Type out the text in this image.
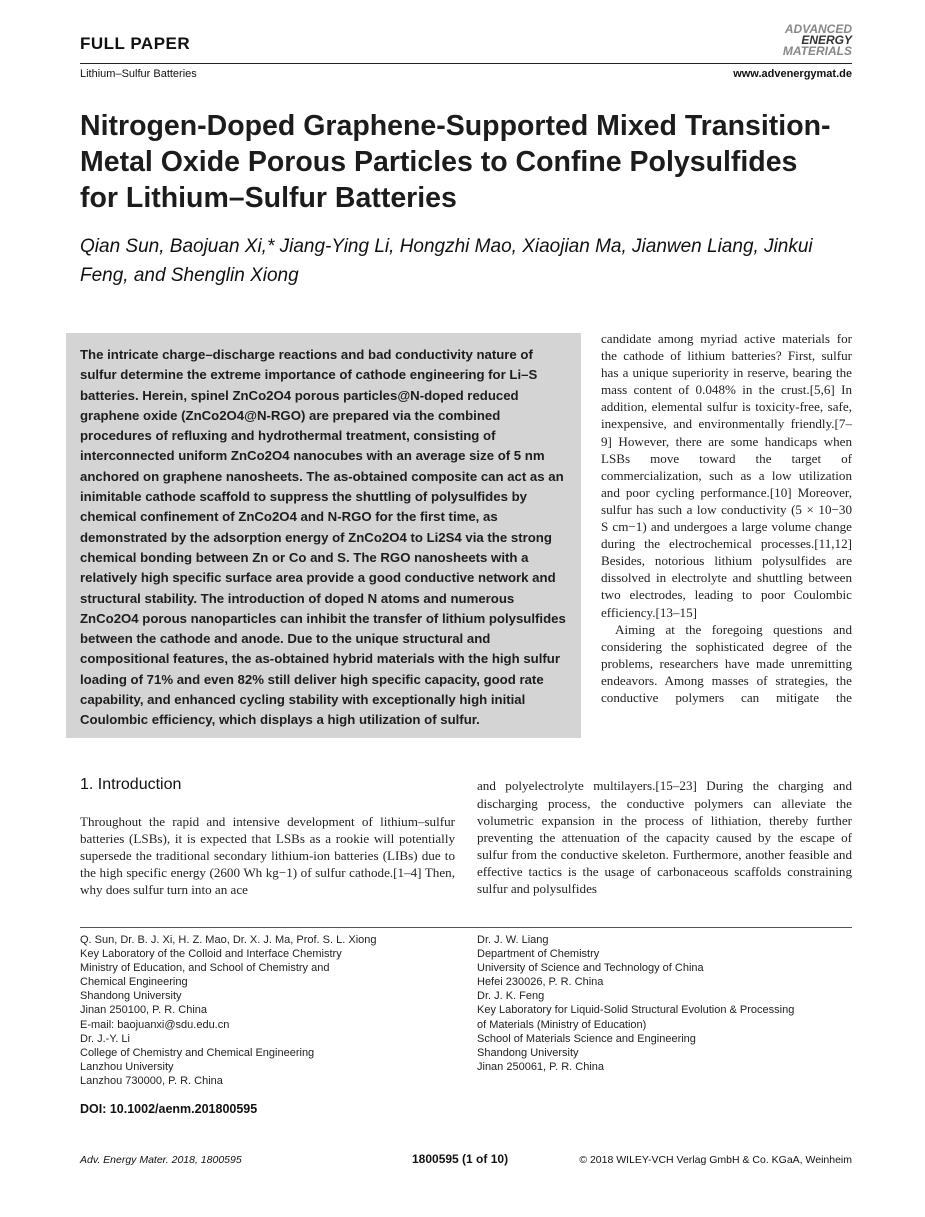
FULL PAPER
ADVANCED
ENERGY
MATERIALS
Lithium–Sulfur Batteries	www.advenergymat.de
Nitrogen-Doped Graphene-Supported Mixed Transition-Metal Oxide Porous Particles to Confine Polysulfides for Lithium–Sulfur Batteries
Qian Sun, Baojuan Xi,* Jiang-Ying Li, Hongzhi Mao, Xiaojian Ma, Jianwen Liang, Jinkui Feng, and Shenglin Xiong
The intricate charge–discharge reactions and bad conductivity nature of sulfur determine the extreme importance of cathode engineering for Li–S batteries. Herein, spinel ZnCo2O4 porous particles@N-doped reduced graphene oxide (ZnCo2O4@N-RGO) are prepared via the combined procedures of refluxing and hydrothermal treatment, consisting of interconnected uniform ZnCo2O4 nanocubes with an average size of 5 nm anchored on graphene nanosheets. The as-obtained composite can act as an inimitable cathode scaffold to suppress the shuttling of polysulfides by chemical confinement of ZnCo2O4 and N-RGO for the first time, as demonstrated by the adsorption energy of ZnCo2O4 to Li2S4 via the strong chemical bonding between Zn or Co and S. The RGO nanosheets with a relatively high specific surface area provide a good conductive network and structural stability. The introduction of doped N atoms and numerous ZnCo2O4 porous nanoparticles can inhibit the transfer of lithium polysulfides between the cathode and anode. Due to the unique structural and compositional features, the as-obtained hybrid materials with the high sulfur loading of 71% and even 82% still deliver high specific capacity, good rate capability, and enhanced cycling stability with exceptionally high initial Coulombic efficiency, which displays a high utilization of sulfur.

candidate among myriad active materials for the cathode of lithium batteries? First, sulfur has a unique superiority in reserve, bearing the mass content of 0.048% in the crust.[5,6] In addition, elemental sulfur is toxicity-free, safe, inexpensive, and environmentally friendly.[7–9] However, there are some handicaps when LSBs move toward the target of commercialization, such as a low utilization and poor cycling performance.[10] Moreover, sulfur has such a low conductivity (5 × 10−30 S cm−1) and undergoes a large volume change during the electrochemical processes.[11,12] Besides, notorious lithium polysulfides are dissolved in electrolyte and shuttling between two electrodes, leading to poor Coulombic efficiency.[13–15]

Aiming at the foregoing questions and considering the sophisticated degree of the problems, researchers have made unremitting endeavors. Among masses of strategies, the conductive polymers can mitigate the

1. Introduction

Throughout the rapid and intensive development of lithium–sulfur batteries (LSBs), it is expected that LSBs as a rookie will potentially supersede the traditional secondary lithium-ion batteries (LIBs) due to the high specific energy (2600 Wh kg−1) of sulfur cathode.[1–4] Then, why does sulfur turn into an ace

and polyelectrolyte multilayers.[15–23] During the charging and discharging process, the conductive polymers can alleviate the volumetric expansion in the process of lithiation, thereby further preventing the attenuation of the capacity caused by the escape of sulfur from the conductive skeleton. Furthermore, another feasible and effective tactics is the usage of carbonaceous scaffolds constraining sulfur and polysulfides

Q. Sun, Dr. B. J. Xi, H. Z. Mao, Dr. X. J. Ma, Prof. S. L. Xiong
Key Laboratory of the Colloid and Interface Chemistry
Ministry of Education, and School of Chemistry and
Chemical Engineering
Shandong University
Jinan 250100, P. R. China
E-mail: baojuanxi@sdu.edu.cn
Dr. J.-Y. Li
College of Chemistry and Chemical Engineering
Lanzhou University
Lanzhou 730000, P. R. China
Dr. J. W. Liang
Department of Chemistry
University of Science and Technology of China
Hefei 230026, P. R. China
Dr. J. K. Feng
Key Laboratory for Liquid-Solid Structural Evolution & Processing
of Materials (Ministry of Education)
School of Materials Science and Engineering
Shandong University
Jinan 250061, P. R. China
DOI: 10.1002/aenm.201800595
Adv. Energy Mater. 2018, 1800595	1800595 (1 of 10)	© 2018 WILEY-VCH Verlag GmbH & Co. KGaA, Weinheim
